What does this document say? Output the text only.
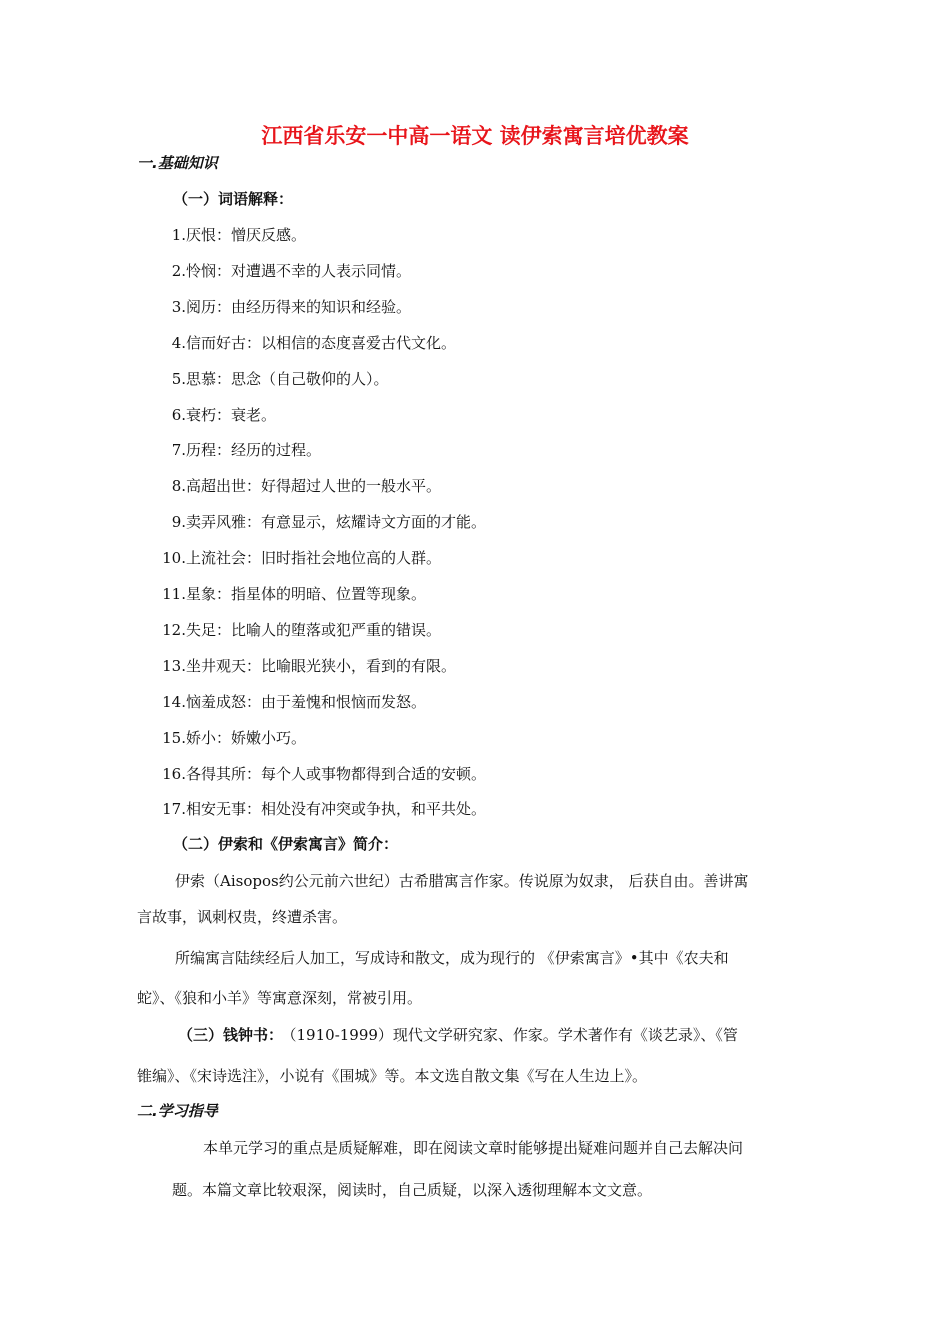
江西省乐安一中高一语文 读伊索寓言培优教案
一.基础知识
（一）词语解释：
1.厌恨：憎厌反感。
2.怜悯：对遭遇不幸的人表示同情。
3.阅历：由经历得来的知识和经验。
4.信而好古：以相信的态度喜爱古代文化。
5.思慕：思念（自己敬仰的人）。
6.衰朽：衰老。
7.历程：经历的过程。
8.高超出世：好得超过人世的一般水平。
9.卖弄风雅：有意显示，炫耀诗文方面的才能。
10.上流社会：旧时指社会地位高的人群。
11.星象：指星体的明暗、位置等现象。
12.失足：比喻人的堕落或犯严重的错误。
13.坐井观天：比喻眼光狭小，看到的有限。
14.恼羞成怒：由于羞愧和恨恼而发怒。
15.娇小：娇嫩小巧。
16.各得其所：每个人或事物都得到合适的安顿。
17.相安无事：相处没有冲突或争执，和平共处。
（二）伊索和《伊索寓言》简介：
伊索（Aisopos约公元前六世纪）古希腊寓言作家。传说原为奴隶， 后获自由。善讲寓
言故事，讽刺权贵，终遭杀害。
所编寓言陆续经后人加工，写成诗和散文，成为现行的 《伊索寓言》•其中《农夫和
蛇》、《狼和小羊》等寓意深刻，常被引用。
（三）钱钟书： （1910-1999）现代文学研究家、作家。学术著作有《谈艺录》、《管
锥编》、《宋诗选注》，小说有《围城》等。本文选自散文集《写在人生边上》。
二.学习指导
本单元学习的重点是质疑解难，即在阅读文章时能够提出疑难问题并自己去解决问
题。本篇文章比较艰深，阅读时，自己质疑，以深入透彻理解本文文意。
